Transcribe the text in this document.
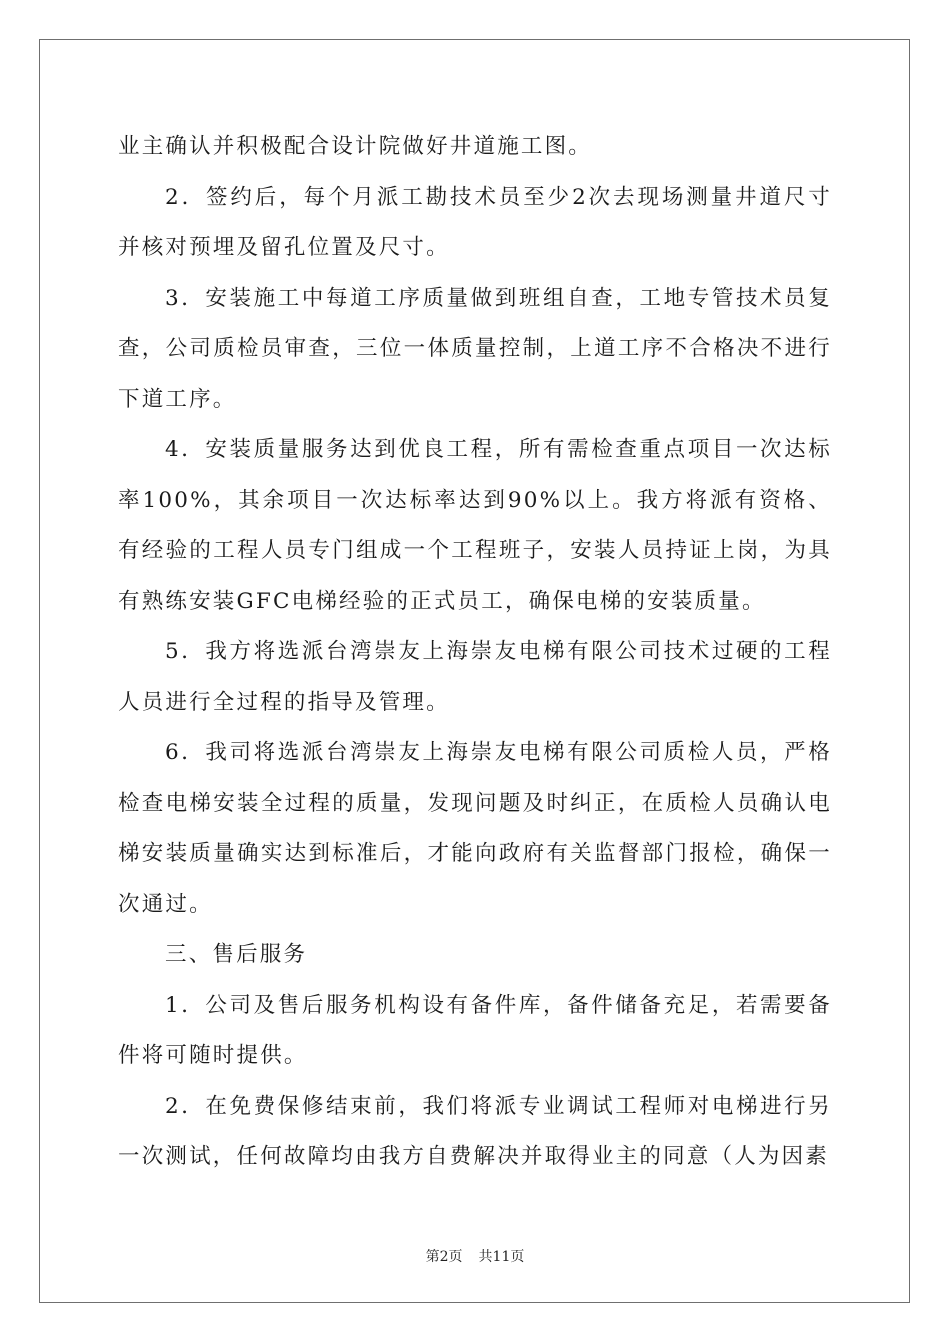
业主确认并积极配合设计院做好井道施工图。

2．签约后，每个月派工勘技术员至少2次去现场测量井道尺寸并核对预埋及留孔位置及尺寸。

3．安装施工中每道工序质量做到班组自查，工地专管技术员复查，公司质检员审查，三位一体质量控制，上道工序不合格决不进行下道工序。

4．安装质量服务达到优良工程，所有需检查重点项目一次达标率100%，其余项目一次达标率达到90%以上。我方将派有资格、有经验的工程人员专门组成一个工程班子，安装人员持证上岗，为具有熟练安装GFC电梯经验的正式员工，确保电梯的安装质量。

5．我方将选派台湾崇友上海崇友电梯有限公司技术过硬的工程人员进行全过程的指导及管理。

6．我司将选派台湾崇友上海崇友电梯有限公司质检人员，严格检查电梯安装全过程的质量，发现问题及时纠正，在质检人员确认电梯安装质量确实达到标准后，才能向政府有关监督部门报检，确保一次通过。

三、售后服务

1．公司及售后服务机构设有备件库，备件储备充足，若需要备件将可随时提供。

2．在免费保修结束前，我们将派专业调试工程师对电梯进行另一次测试，任何故障均由我方自费解决并取得业主的同意（人为因素

第2页 共11页
